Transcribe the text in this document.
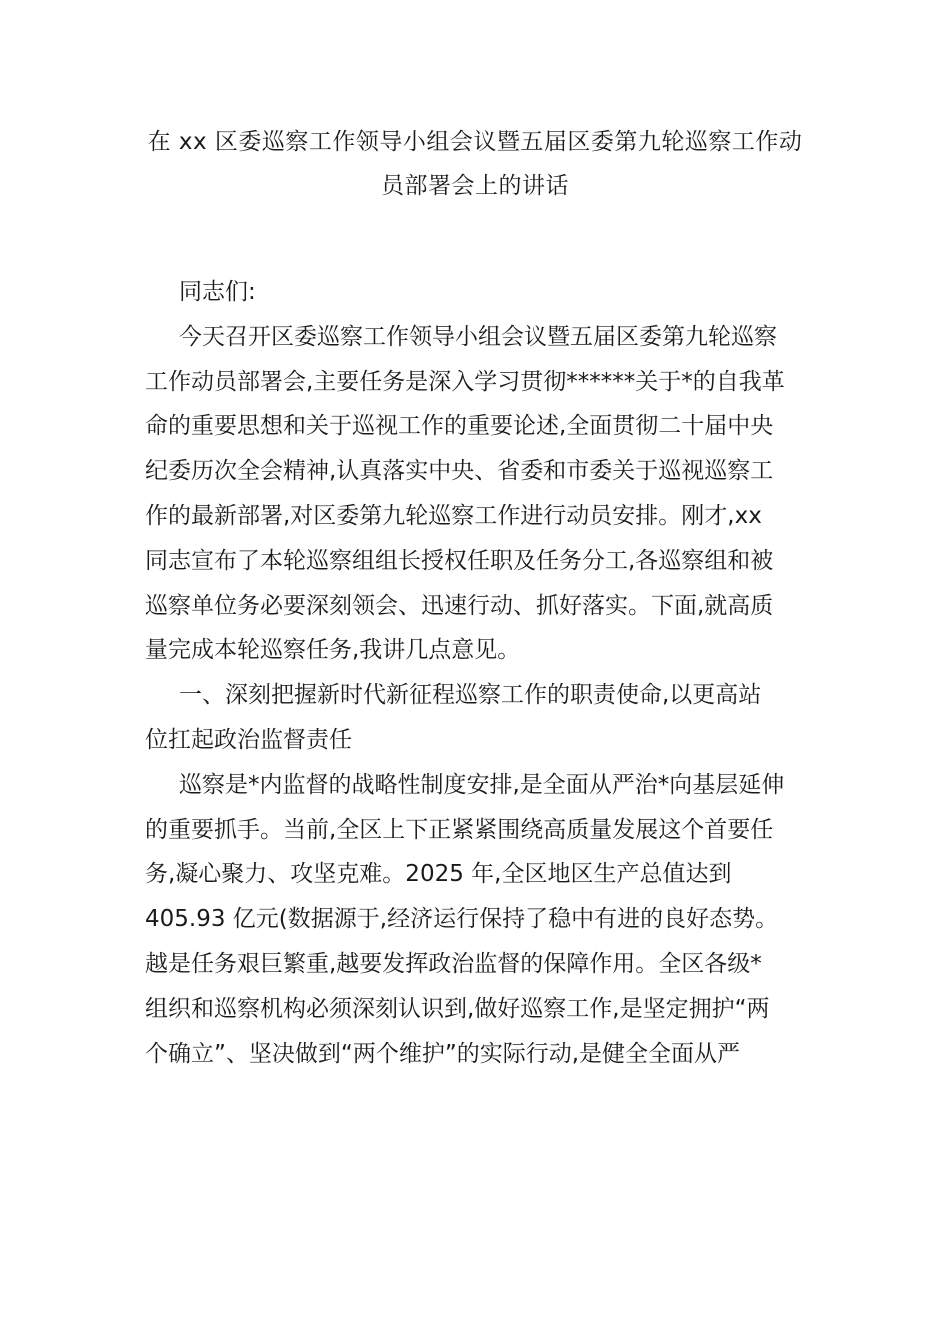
在 xx 区委巡察工作领导小组会议暨五届区委第九轮巡察工作动
员部署会上的讲话
同志们:
今天召开区委巡察工作领导小组会议暨五届区委第九轮巡察
工作动员部署会,主要任务是深入学习贯彻******关于*的自我革
命的重要思想和关于巡视工作的重要论述,全面贯彻二十届中央
纪委历次全会精神,认真落实中央、省委和市委关于巡视巡察工
作的最新部署,对区委第九轮巡察工作进行动员安排。刚才,xx
同志宣布了本轮巡察组组长授权任职及任务分工,各巡察组和被
巡察单位务必要深刻领会、迅速行动、抓好落实。下面,就高质
量完成本轮巡察任务,我讲几点意见。
一、深刻把握新时代新征程巡察工作的职责使命,以更高站
位扛起政治监督责任
巡察是*内监督的战略性制度安排,是全面从严治*向基层延伸
的重要抓手。当前,全区上下正紧紧围绕高质量发展这个首要任
务,凝心聚力、攻坚克难。2025 年,全区地区生产总值达到
405.93 亿元(数据源于,经济运行保持了稳中有进的良好态势。
越是任务艰巨繁重,越要发挥政治监督的保障作用。全区各级*
组织和巡察机构必须深刻认识到,做好巡察工作,是坚定拥护“两
个确立”、坚决做到“两个维护”的实际行动,是健全全面从严
